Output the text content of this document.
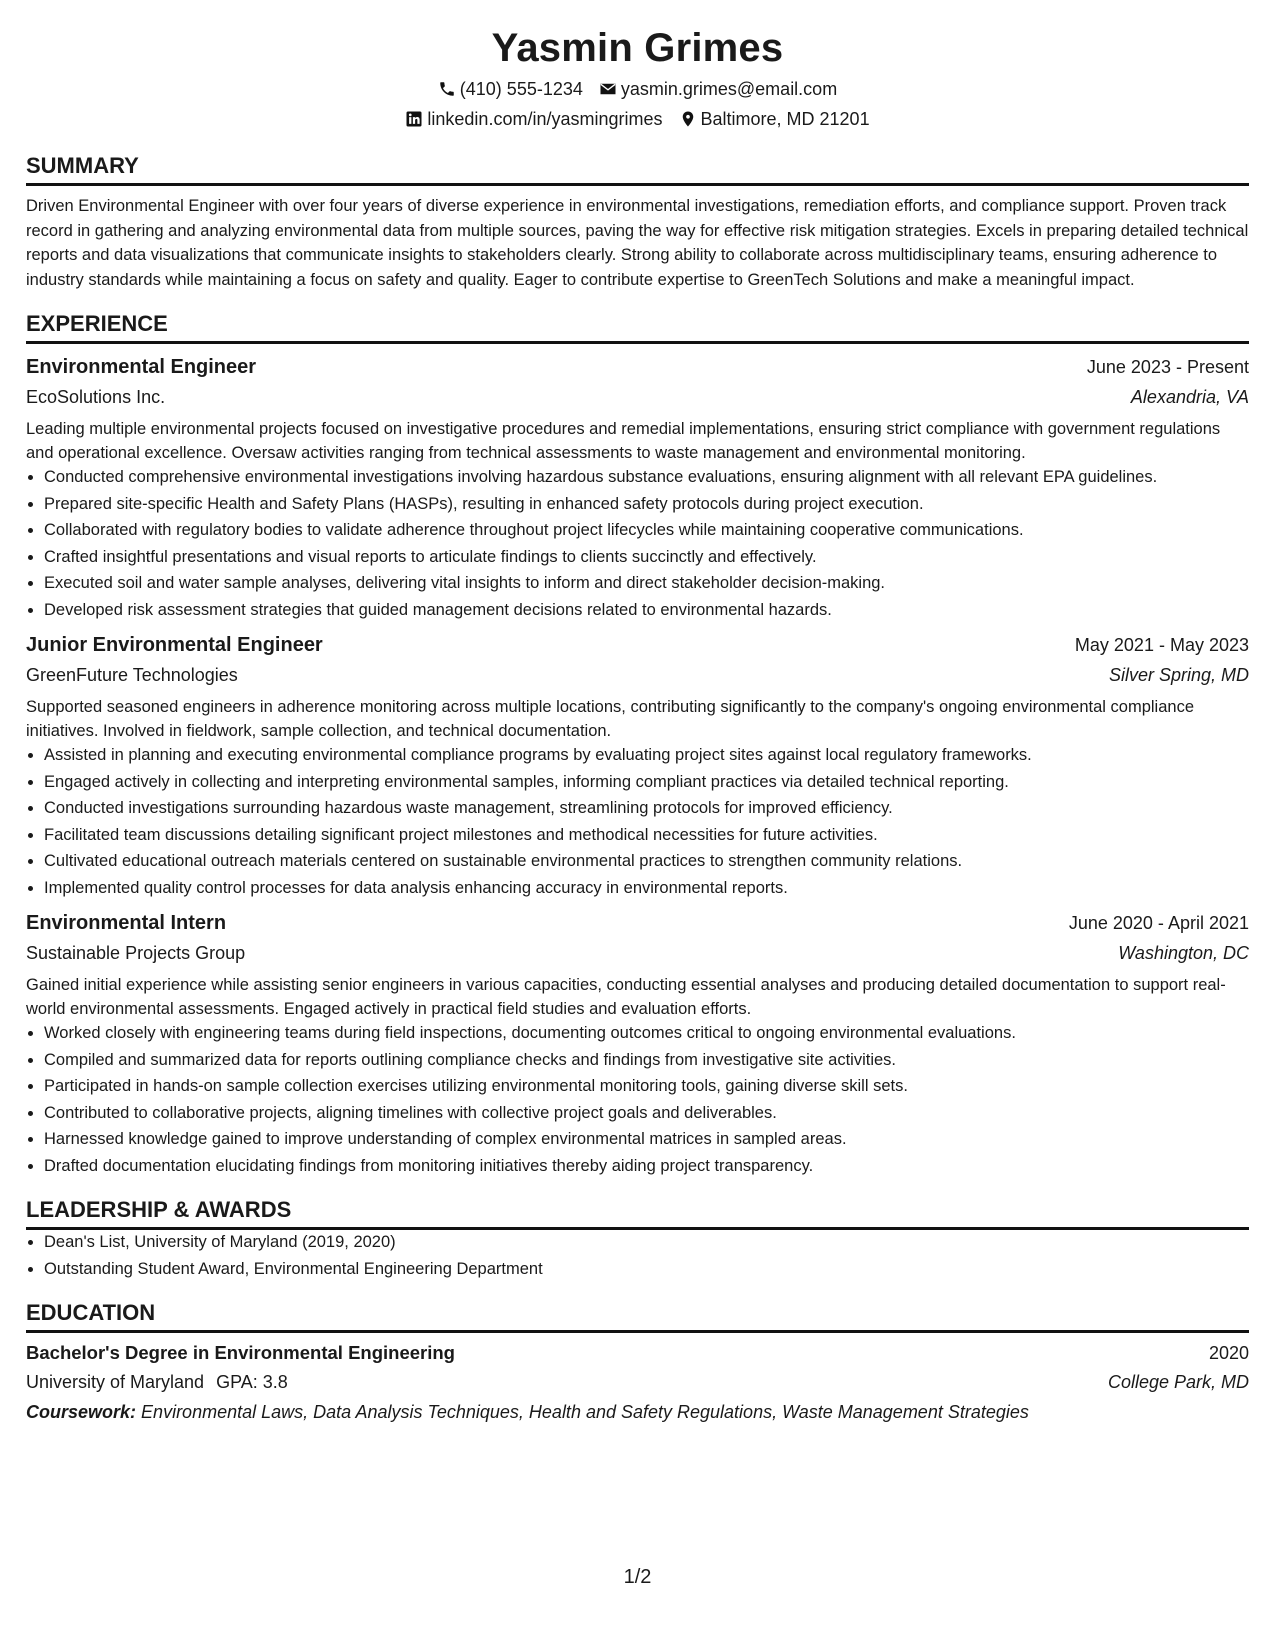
Yasmin Grimes
(410) 555-1234 yasmin.grimes@email.com
linkedin.com/in/yasmingrimes Baltimore, MD 21201
SUMMARY

Driven Environmental Engineer with over four years of diverse experience in environmental investigations, remediation efforts, and compliance support. Proven track record in gathering and analyzing environmental data from multiple sources, paving the way for effective risk mitigation strategies. Excels in preparing detailed technical reports and data visualizations that communicate insights to stakeholders clearly. Strong ability to collaborate across multidisciplinary teams, ensuring adherence to industry standards while maintaining a focus on safety and quality. Eager to contribute expertise to GreenTech Solutions and make a meaningful impact.

EXPERIENCE
Environmental Engineer	June 2023 - Present
EcoSolutions Inc.	Alexandria, VA

Leading multiple environmental projects focused on investigative procedures and remedial implementations, ensuring strict compliance with government regulations and operational excellence. Oversaw activities ranging from technical assessments to waste management and environmental monitoring.

• Conducted comprehensive environmental investigations involving hazardous substance evaluations, ensuring alignment with all relevant EPA guidelines.
• Prepared site-specific Health and Safety Plans (HASPs), resulting in enhanced safety protocols during project execution.
• Collaborated with regulatory bodies to validate adherence throughout project lifecycles while maintaining cooperative communications.
• Crafted insightful presentations and visual reports to articulate findings to clients succinctly and effectively.
• Executed soil and water sample analyses, delivering vital insights to inform and direct stakeholder decision-making.
• Developed risk assessment strategies that guided management decisions related to environmental hazards.
Junior Environmental Engineer	May 2021 - May 2023
GreenFuture Technologies	Silver Spring, MD

Supported seasoned engineers in adherence monitoring across multiple locations, contributing significantly to the company's ongoing environmental compliance initiatives. Involved in fieldwork, sample collection, and technical documentation.

• Assisted in planning and executing environmental compliance programs by evaluating project sites against local regulatory frameworks.
• Engaged actively in collecting and interpreting environmental samples, informing compliant practices via detailed technical reporting.
• Conducted investigations surrounding hazardous waste management, streamlining protocols for improved efficiency.
• Facilitated team discussions detailing significant project milestones and methodical necessities for future activities.
• Cultivated educational outreach materials centered on sustainable environmental practices to strengthen community relations.
• Implemented quality control processes for data analysis enhancing accuracy in environmental reports.
Environmental Intern	June 2020 - April 2021
Sustainable Projects Group	Washington, DC

Gained initial experience while assisting senior engineers in various capacities, conducting essential analyses and producing detailed documentation to support real-world environmental assessments. Engaged actively in practical field studies and evaluation efforts.

• Worked closely with engineering teams during field inspections, documenting outcomes critical to ongoing environmental evaluations.
• Compiled and summarized data for reports outlining compliance checks and findings from investigative site activities.
• Participated in hands-on sample collection exercises utilizing environmental monitoring tools, gaining diverse skill sets.
• Contributed to collaborative projects, aligning timelines with collective project goals and deliverables.
• Harnessed knowledge gained to improve understanding of complex environmental matrices in sampled areas.
• Drafted documentation elucidating findings from monitoring initiatives thereby aiding project transparency.
LEADERSHIP & AWARDS
• Dean's List, University of Maryland (2019, 2020)
• Outstanding Student Award, Environmental Engineering Department
EDUCATION
Bachelor's Degree in Environmental Engineering	2020
University of Maryland GPA: 3.8	College Park, MD
Coursework: Environmental Laws, Data Analysis Techniques, Health and Safety Regulations, Waste Management Strategies
1/2
